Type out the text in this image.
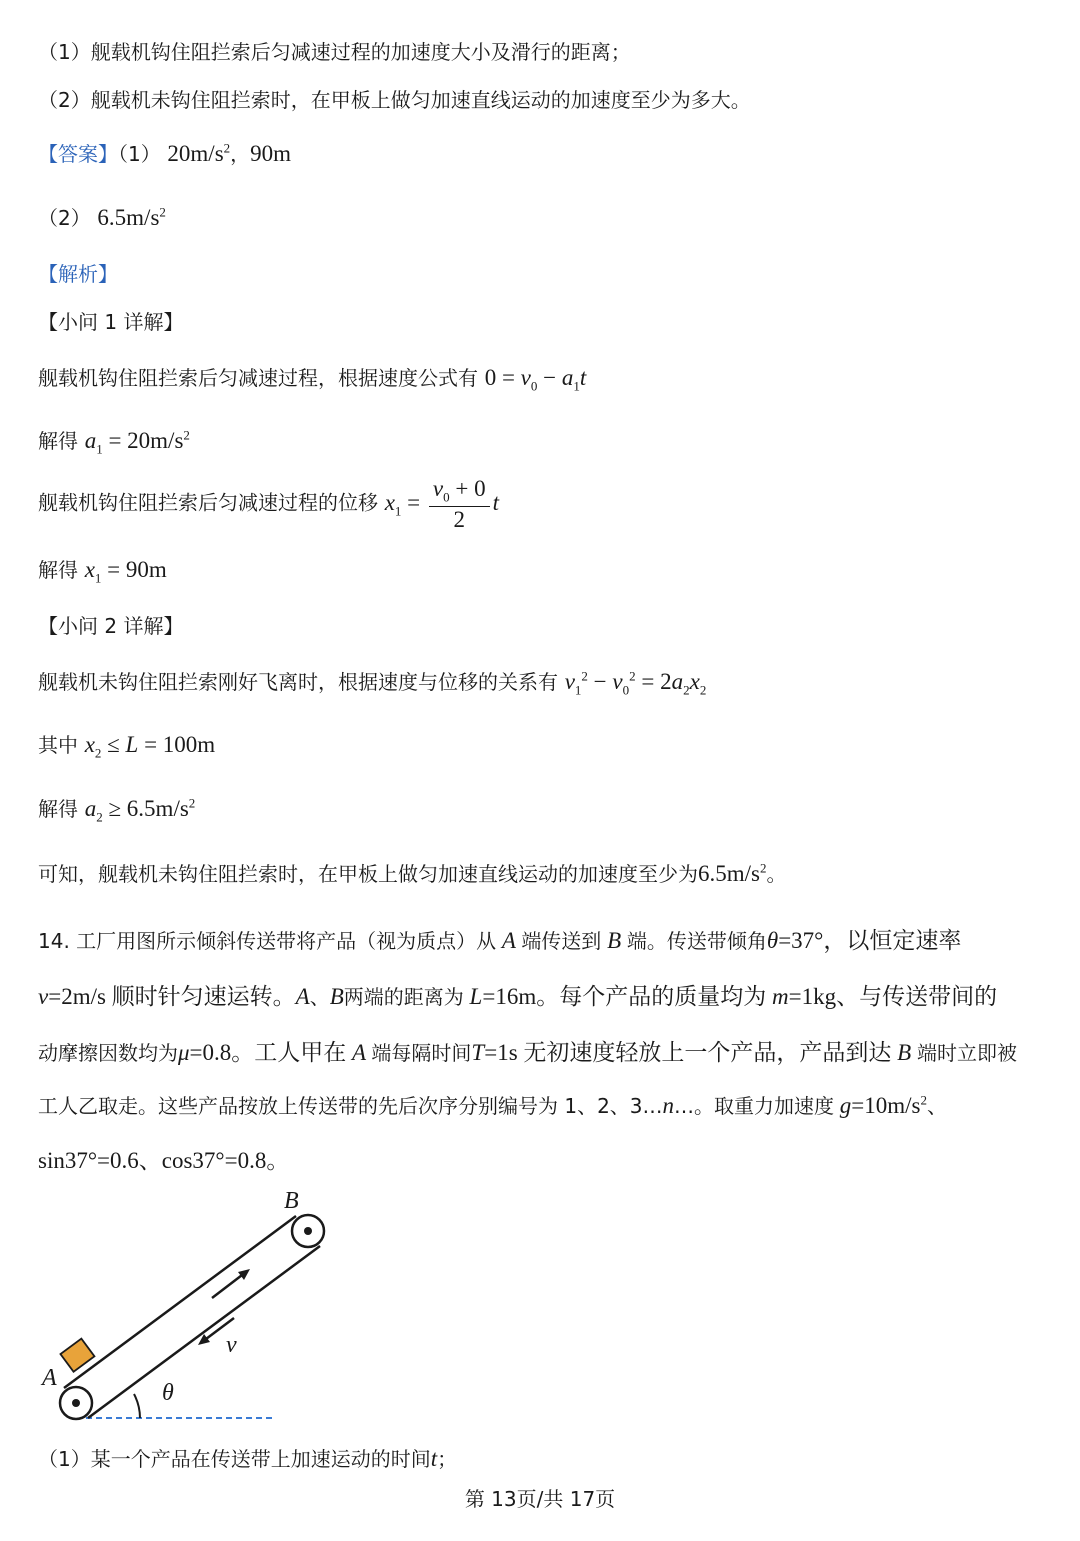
（1）舰载机钩住阻拦索后匀减速过程的加速度大小及滑行的距离；
（2）舰载机未钩住阻拦索时，在甲板上做匀加速直线运动的加速度至少为多大。
【答案】（1） $20m/s^2$，90m
（2） $6.5m/s^2$
【解析】
【小问 1 详解】
舰载机钩住阻拦索后匀减速过程，根据速度公式有 $0 = v_0 - a_1t$
解得 $a_1 = 20m/s^2$
舰载机钩住阻拦索后匀减速过程的位移 $x_1 = \frac{v_0 + 0}{2}$ t
解得 $x_1 = 90m$
【小问 2 详解】
舰载机未钩住阻拦索刚好飞离时，根据速度与位移的关系有 $v_1^2 - v_0^2 = 2a_2x_2$
其中 $x_2 \le L = 100m$
解得 $a_2 \ge 6.5m/s^2$
可知，舰载机未钩住阻拦索时，在甲板上做匀加速直线运动的加速度至少为$6.5m/s^2$。
14. 工厂用图所示倾斜传送带将产品（视为质点）从 A 端传送到 B 端。传送带倾角θ=37°，以恒定速率
v=2m/s 顺时针匀速运转。A、B两端的距离为 L=16m。每个产品的质量均为 m=1kg、与传送带间的
动摩擦因数均为μ=0.8。工人甲在 A 端每隔时间T=1s 无初速度轻放上一个产品，产品到达 B 端时立即被
工人乙取走。这些产品按放上传送带的先后次序分别编号为 1、2、3…n…。取重力加速度 $g=10m/s^2$、
sin37°=0.6、cos37°=0.8。
A
B
v
θ
（1）某一个产品在传送带上加速运动的时间t；
第 13页/共 17页
